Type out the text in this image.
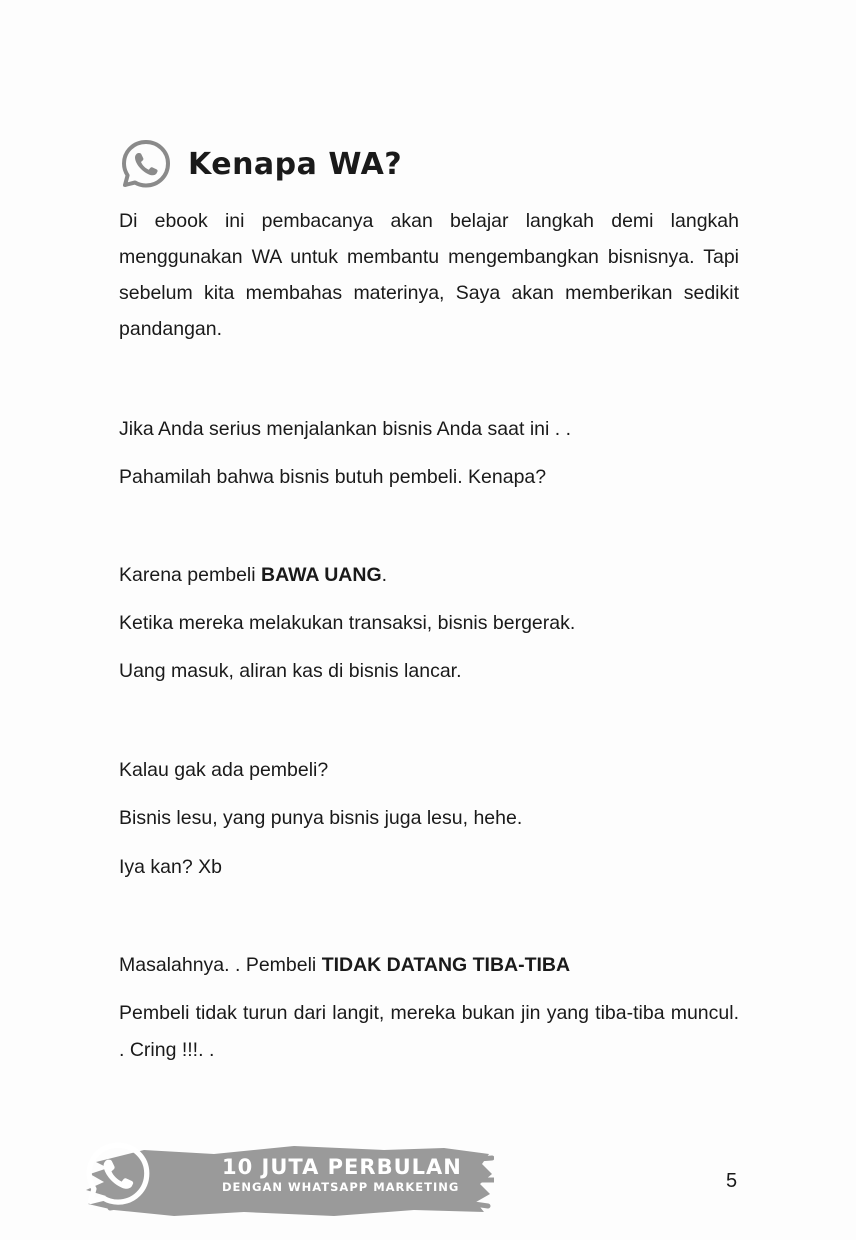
Kenapa WA?

Di ebook ini pembacanya akan belajar langkah demi langkah menggunakan WA untuk membantu mengembangkan bisnisnya. Tapi sebelum kita membahas materinya, Saya akan memberikan sedikit pandangan.

Jika Anda serius menjalankan bisnis Anda saat ini . .

Pahamilah bahwa bisnis butuh pembeli. Kenapa?

Karena pembeli BAWA UANG.

Ketika mereka melakukan transaksi, bisnis bergerak.

Uang masuk, aliran kas di bisnis lancar.

Kalau gak ada pembeli?

Bisnis lesu, yang punya bisnis juga lesu, hehe.

Iya kan? Xb

Masalahnya. . Pembeli TIDAK DATANG TIBA-TIBA

Pembeli tidak turun dari langit, mereka bukan jin yang tiba-tiba muncul. . Cring !!!. .

10 JUTA PERBULAN
DENGAN WHATSAPP MARKETING	5
